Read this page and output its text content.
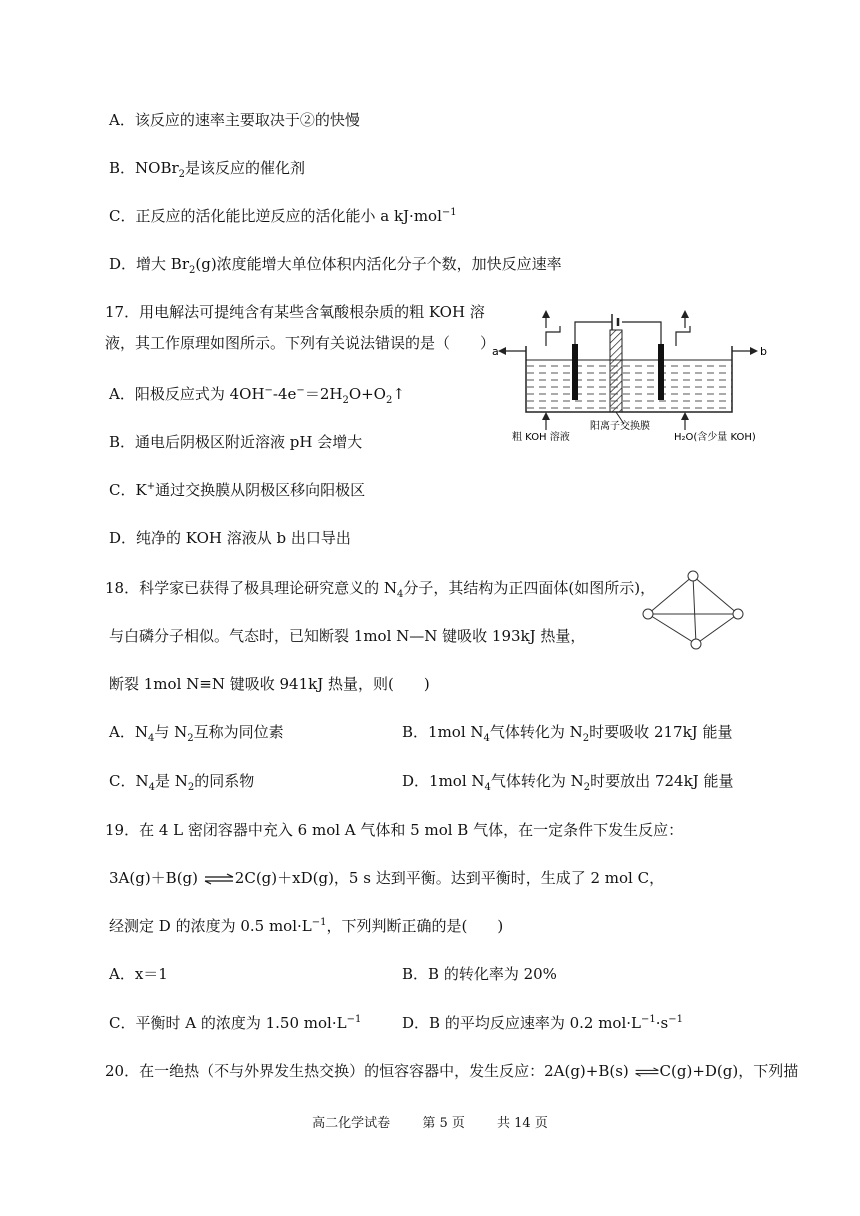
A．该反应的速率主要取决于②的快慢
B．NOBr$_2$是该反应的催化剂
C．正反应的活化能比逆反应的活化能小 a kJ·mol$^{-1}$
D．增大 $Br_2(g)$浓度能增大单位体积内活化分子个数，加快反应速率
17．用电解法可提纯含有某些含氧酸根杂质的粗 KOH 溶
液，其工作原理如图所示。下列有关说法错误的是（　　）
A．阳极反应式为 $4OH^--4e^-=2H_2O+O_2↑$
B．通电后阴极区附近溶液 pH 会增大
C．K+通过交换膜从阴极区移向阳极区
D．纯净的 KOH 溶液从 b 出口导出
a	b
粗 KOH 溶液
阳离子交换膜
H₂O(含少量 KOH)
18．科学家已获得了极具理论研究意义的 $N_4$分子，其结构为正四面体(如图所示)，
与白磷分子相似。气态时，已知断裂 1mol N—N 键吸收 193kJ 热量，
断裂 1mol N≡N 键吸收 941kJ 热量，则(　　)
A．$N_4$与 $N_2$互称为同位素	B．1mol $N_4$气体转化为 $N_2$时要吸收 217kJ 能量
C．$N_4$是 $N_2$的同系物	D．1mol $N_4$气体转化为 $N_2$时要放出 724kJ 能量
19．在 4 L 密闭容器中充入 6 mol A 气体和 5 mol B 气体，在一定条件下发生反应：
3A(g)＋B(g) ⇌2C(g)＋xD(g)，5 s 达到平衡。达到平衡时，生成了 2 mol C，
经测定 D 的浓度为 0.5 $mol\cdot L^{-1}$，下列判断正确的是(　　)
A．x＝1	B．B 的转化率为 20%
C．平衡时 A 的浓度为 1.50 $mol\cdot L^{-1}$	D．B 的平均反应速率为 0.2 $mol\cdot L^{-1}\cdot s^{-1}$
20．在一绝热（不与外界发生热交换）的恒容容器中，发生反应：2A(g)+B(s) ⇌C(g)+D(g)，下列描
高二化学试卷 第 5 页 共 14 页
